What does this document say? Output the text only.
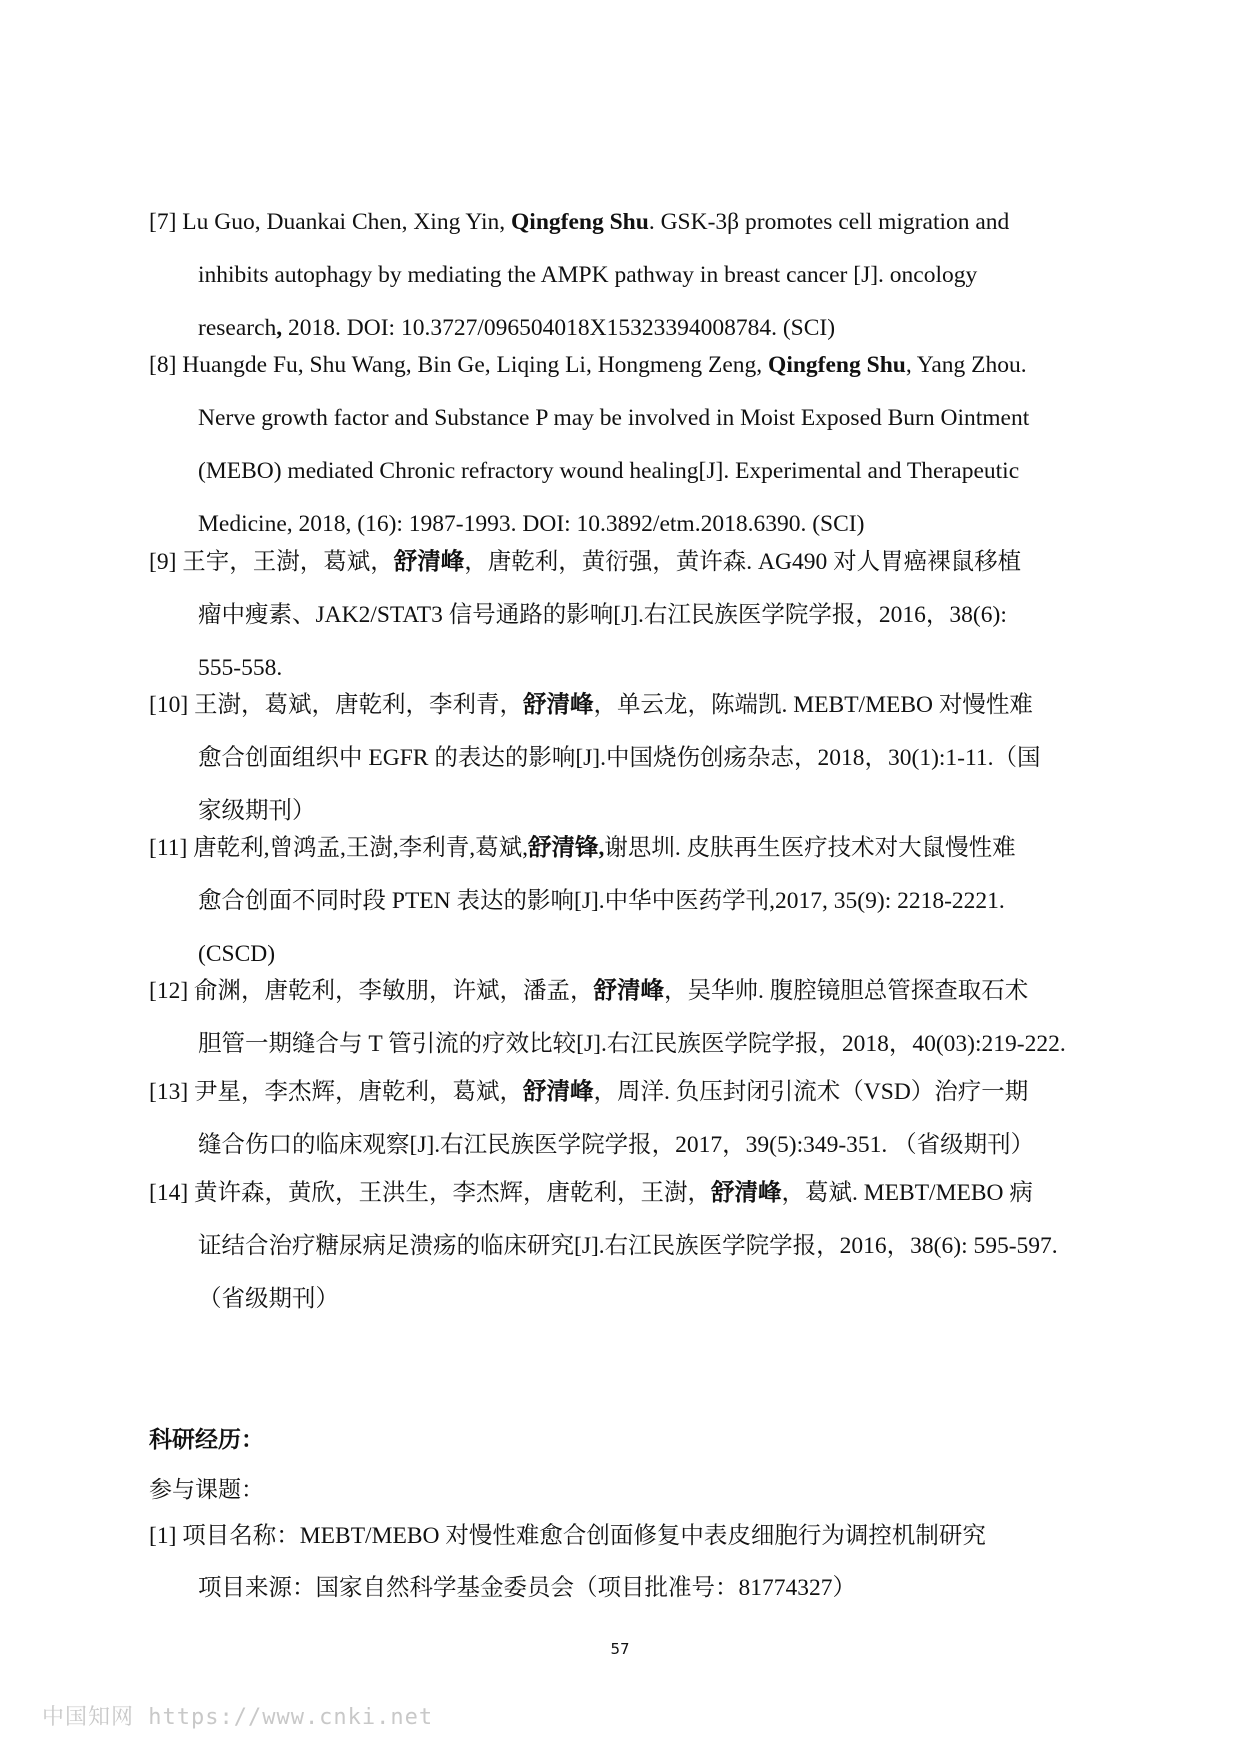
[7] Lu Guo, Duankai Chen, Xing Yin, Qingfeng Shu. GSK-3β promotes cell migration and
inhibits autophagy by mediating the AMPK pathway in breast cancer [J]. oncology
research, 2018. DOI: 10.3727/096504018X15323394008784. (SCI)
[8] Huangde Fu, Shu Wang, Bin Ge, Liqing Li, Hongmeng Zeng, Qingfeng Shu, Yang Zhou.
Nerve growth factor and Substance P may be involved in Moist Exposed Burn Ointment
(MEBO) mediated Chronic refractory wound healing[J]. Experimental and Therapeutic
Medicine, 2018, (16): 1987-1993. DOI: 10.3892/etm.2018.6390. (SCI)
[9] 王宇，王澍，葛斌，舒清峰，唐乾利，黄衍强，黄许森. AG490 对人胃癌裸鼠移植
瘤中瘦素、JAK2/STAT3 信号通路的影响[J].右江民族医学院学报，2016，38(6):
555-558.
[10] 王澍，葛斌，唐乾利，李利青，舒清峰，单云龙，陈端凯. MEBT/MEBO 对慢性难
愈合创面组织中 EGFR 的表达的影响[J].中国烧伤创疡杂志，2018，30(1):1-11.（国
家级期刊）
[11] 唐乾利,曾鸿孟,王澍,李利青,葛斌,舒清锋,谢思圳. 皮肤再生医疗技术对大鼠慢性难
愈合创面不同时段 PTEN 表达的影响[J].中华中医药学刊,2017, 35(9): 2218-2221.
(CSCD)
[12] 俞渊，唐乾利，李敏朋，许斌，潘孟，舒清峰，吴华帅. 腹腔镜胆总管探查取石术
胆管一期缝合与 T 管引流的疗效比较[J].右江民族医学院学报，2018，40(03):219-222.
[13] 尹星，李杰辉，唐乾利，葛斌，舒清峰，周洋. 负压封闭引流术（VSD）治疗一期
缝合伤口的临床观察[J].右江民族医学院学报，2017，39(5):349-351. （省级期刊）
[14] 黄许森，黄欣，王洪生，李杰辉，唐乾利，王澍，舒清峰，葛斌. MEBT/MEBO 病
证结合治疗糖尿病足溃疡的临床研究[J].右江民族医学院学报，2016，38(6): 595-597.
（省级期刊）
科研经历：
参与课题：
[1] 项目名称：MEBT/MEBO 对慢性难愈合创面修复中表皮细胞行为调控机制研究
项目来源：国家自然科学基金委员会（项目批准号：81774327）
57
中国知网 https://www.cnki.net
